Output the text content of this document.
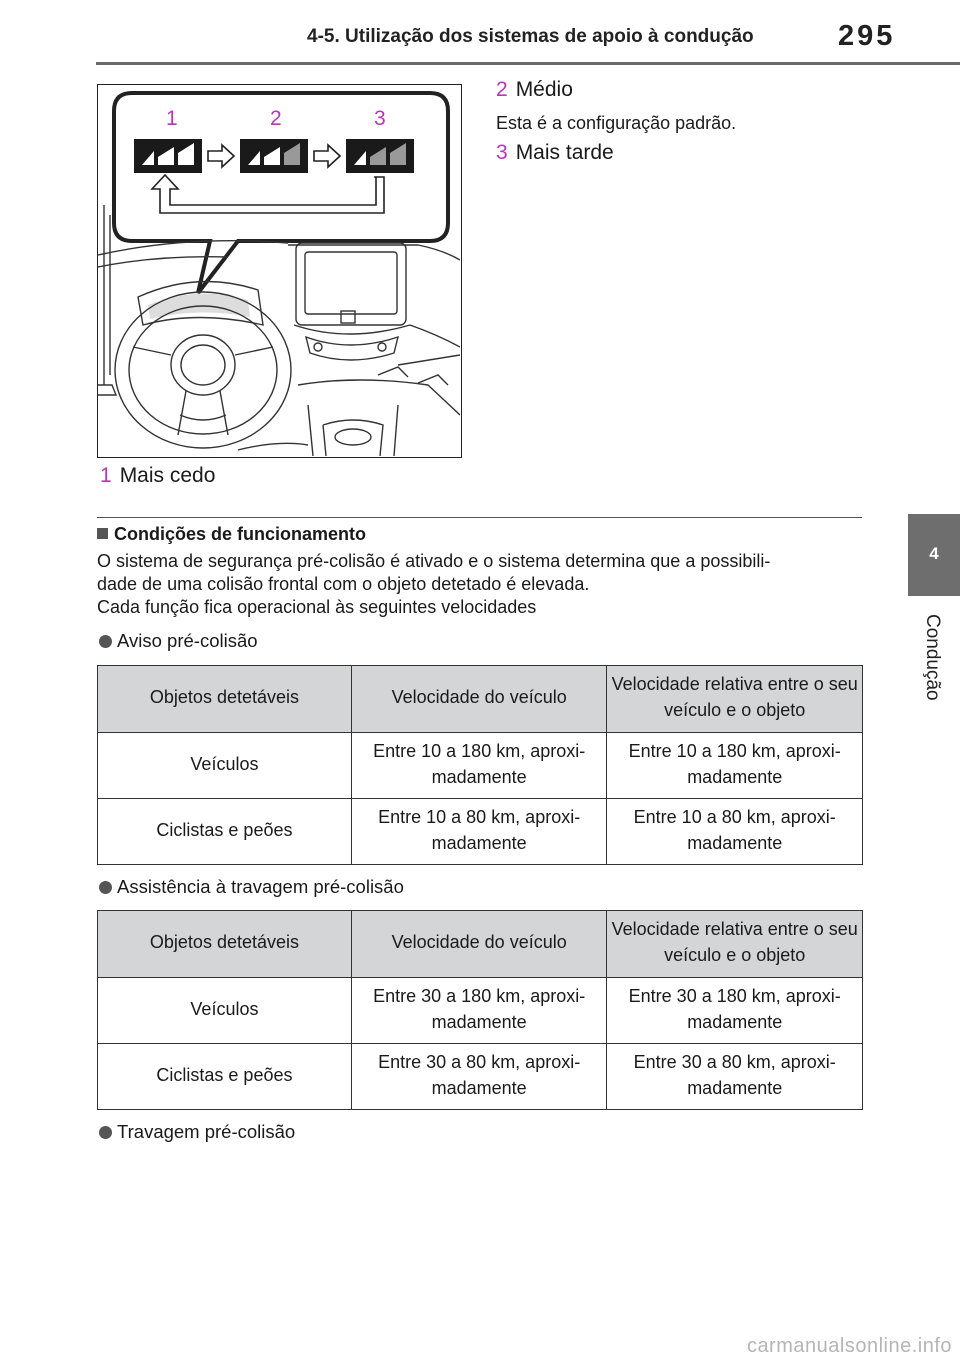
4-5. Utilização dos sistemas de apoio à condução	295
4
Condução
1	2	3
1 Mais cedo
2 Médio
Esta é a configuração padrão.
3 Mais tarde
Condições de funcionamento
O sistema de segurança pré-colisão é ativado e o sistema determina que a possibili-
dade de uma colisão frontal com o objeto detetado é elevada.
Cada função fica operacional às seguintes velocidades
Aviso pré-colisão
Objetos detetáveis	Velocidade do veículo	Velocidade relativa entre o seu veículo e o objeto
Veículos	Entre 10 a 180 km, aproxi-madamente	Entre 10 a 180 km, aproxi-madamente
Ciclistas e peões	Entre 10 a 80 km, aproxi-madamente	Entre 10 a 80 km, aproxi-madamente
Assistência à travagem pré-colisão
Objetos detetáveis	Velocidade do veículo	Velocidade relativa entre o seu veículo e o objeto
Veículos	Entre 30 a 180 km, aproxi-madamente	Entre 30 a 180 km, aproxi-madamente
Ciclistas e peões	Entre 30 a 80 km, aproxi-madamente	Entre 30 a 80 km, aproxi-madamente
Travagem pré-colisão
carmanualsonline.info
